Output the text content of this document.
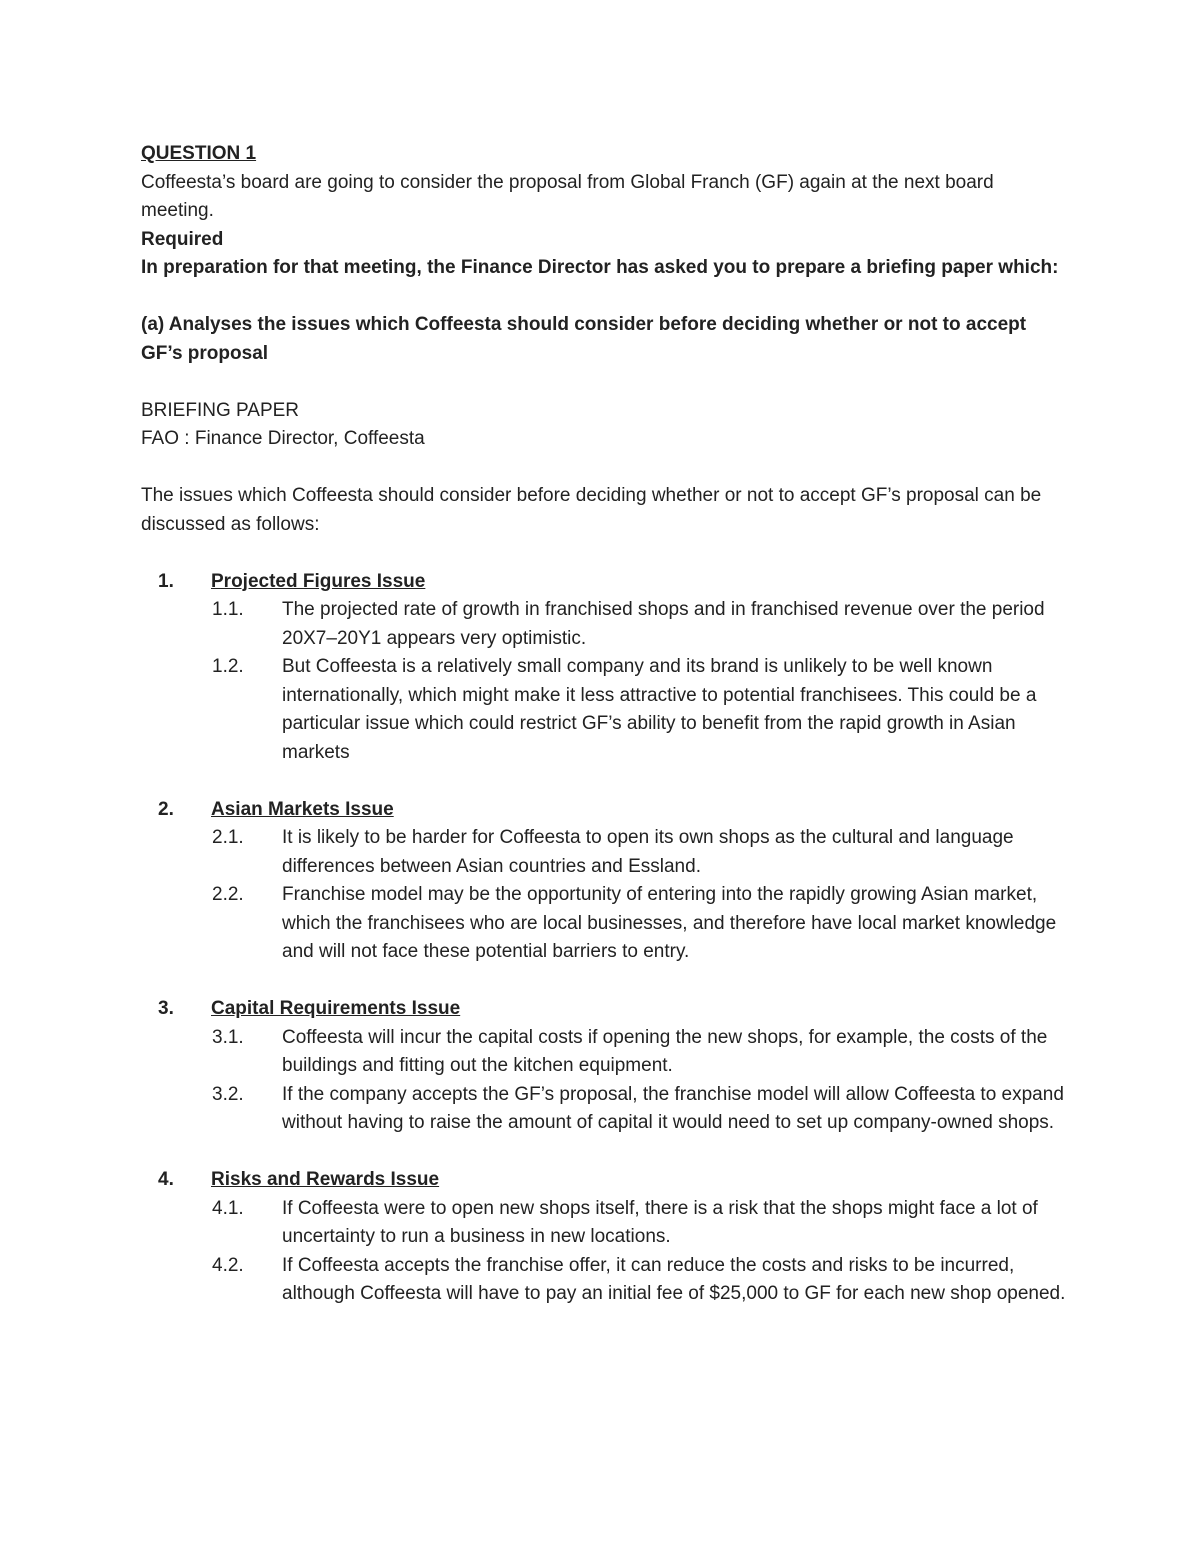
QUESTION 1

Coffeesta’s board are going to consider the proposal from Global Franch (GF) again at the next board meeting.

Required

In preparation for that meeting, the Finance Director has asked you to prepare a briefing paper which:

(a) Analyses the issues which Coffeesta should consider before deciding whether or not to accept GF’s proposal

BRIEFING PAPER

FAO : Finance Director, Coffeesta

The issues which Coffeesta should consider before deciding whether or not to accept GF’s proposal can be discussed as follows:

1. Projected Figures Issue
1.1. The projected rate of growth in franchised shops and in franchised revenue over the period 20X7–20Y1 appears very optimistic.
1.2. But Coffeesta is a relatively small company and its brand is unlikely to be well known internationally, which might make it less attractive to potential franchisees. This could be a particular issue which could restrict GF’s ability to benefit from the rapid growth in Asian markets
2. Asian Markets Issue
2.1. It is likely to be harder for Coffeesta to open its own shops as the cultural and language differences between Asian countries and Essland.
2.2. Franchise model may be the opportunity of entering into the rapidly growing Asian market, which the franchisees who are local businesses, and therefore have local market knowledge and will not face these potential barriers to entry.
3. Capital Requirements Issue
3.1. Coffeesta will incur the capital costs if opening the new shops, for example, the costs of the buildings and fitting out the kitchen equipment.
3.2. If the company accepts the GF’s proposal, the franchise model will allow Coffeesta to expand without having to raise the amount of capital it would need to set up company-owned shops.
4. Risks and Rewards Issue
4.1. If Coffeesta were to open new shops itself, there is a risk that the shops might face a lot of uncertainty to run a business in new locations.
4.2. If Coffeesta accepts the franchise offer, it can reduce the costs and risks to be incurred, although Coffeesta will have to pay an initial fee of $25,000 to GF for each new shop opened.
